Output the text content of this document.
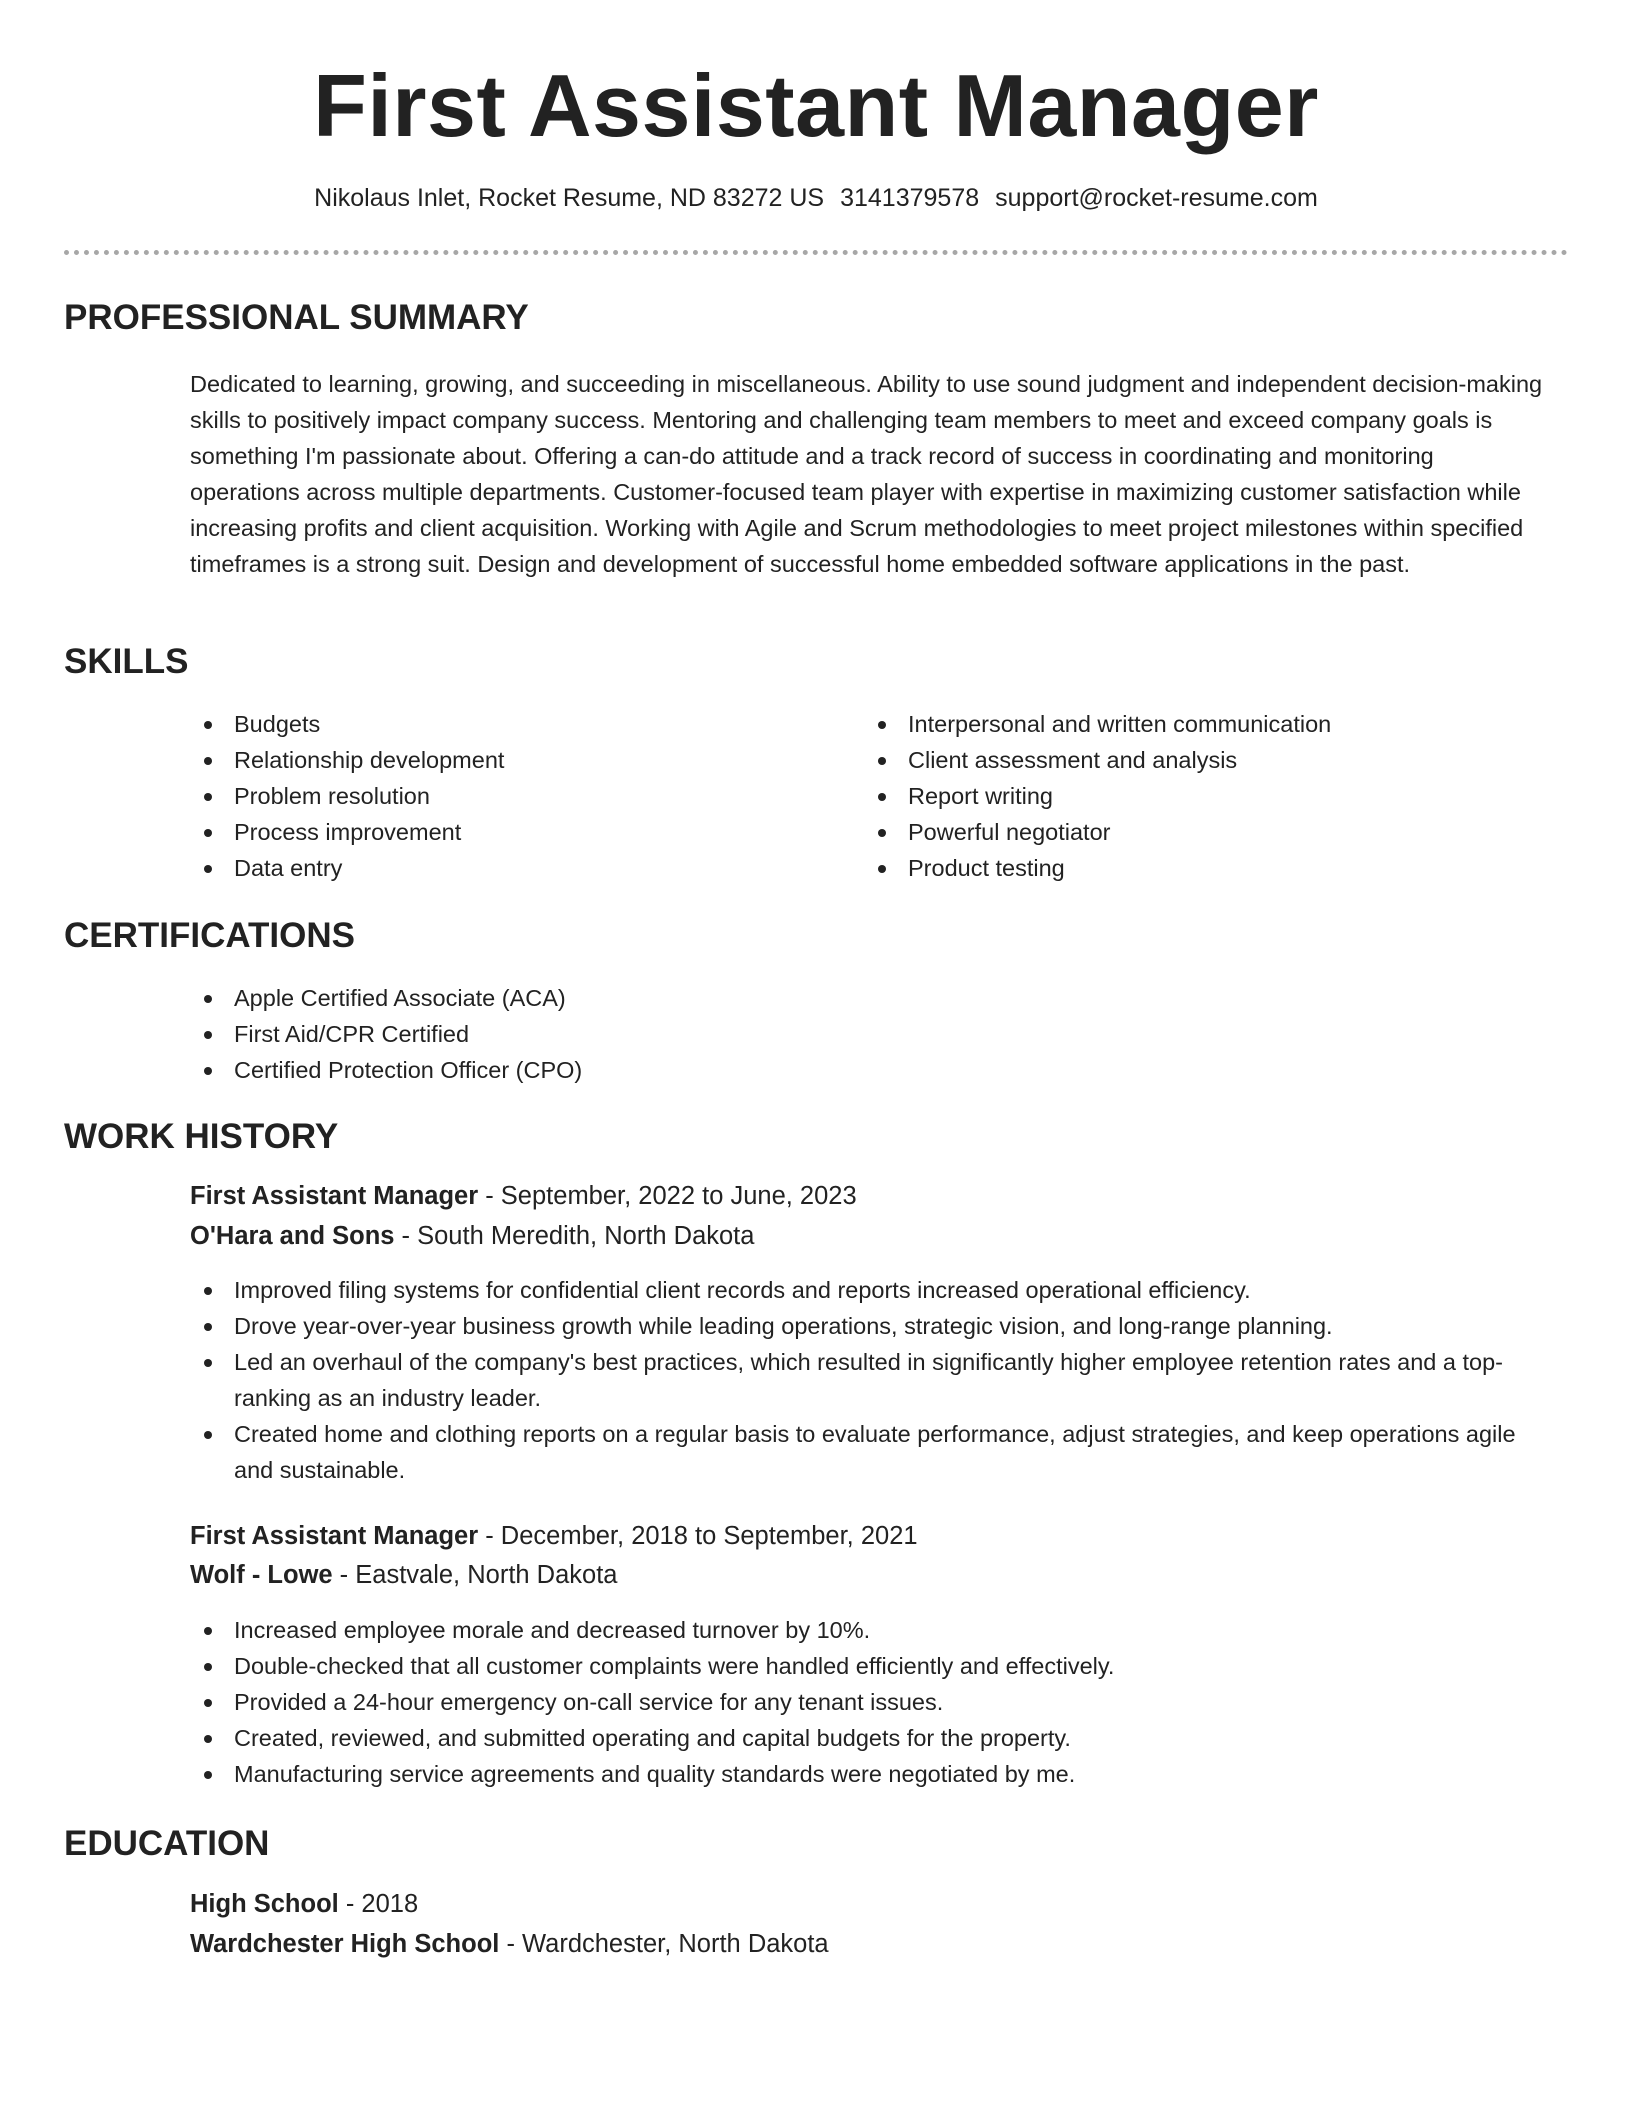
First Assistant Manager
Nikolaus Inlet, Rocket Resume, ND 83272 US 3141379578 support@rocket-resume.com
PROFESSIONAL SUMMARY

Dedicated to learning, growing, and succeeding in miscellaneous. Ability to use sound judgment and independent decision-making skills to positively impact company success. Mentoring and challenging team members to meet and exceed company goals is something I'm passionate about. Offering a can-do attitude and a track record of success in coordinating and monitoring operations across multiple departments. Customer-focused team player with expertise in maximizing customer satisfaction while increasing profits and client acquisition. Working with Agile and Scrum methodologies to meet project milestones within specified timeframes is a strong suit. Design and development of successful home embedded software applications in the past.

SKILLS
Budgets
Relationship development
Problem resolution
Process improvement
Data entry
Interpersonal and written communication
Client assessment and analysis
Report writing
Powerful negotiator
Product testing
CERTIFICATIONS
Apple Certified Associate (ACA)
First Aid/CPR Certified
Certified Protection Officer (CPO)
WORK HISTORY
First Assistant Manager - September, 2022 to June, 2023
O'Hara and Sons - South Meredith, North Dakota
Improved filing systems for confidential client records and reports increased operational efficiency.
Drove year-over-year business growth while leading operations, strategic vision, and long-range planning.
Led an overhaul of the company's best practices, which resulted in significantly higher employee retention rates and a top-ranking as an industry leader.
Created home and clothing reports on a regular basis to evaluate performance, adjust strategies, and keep operations agile and sustainable.
First Assistant Manager - December, 2018 to September, 2021
Wolf - Lowe - Eastvale, North Dakota
Increased employee morale and decreased turnover by 10%.
Double-checked that all customer complaints were handled efficiently and effectively.
Provided a 24-hour emergency on-call service for any tenant issues.
Created, reviewed, and submitted operating and capital budgets for the property.
Manufacturing service agreements and quality standards were negotiated by me.
EDUCATION
High School - 2018
Wardchester High School - Wardchester, North Dakota
